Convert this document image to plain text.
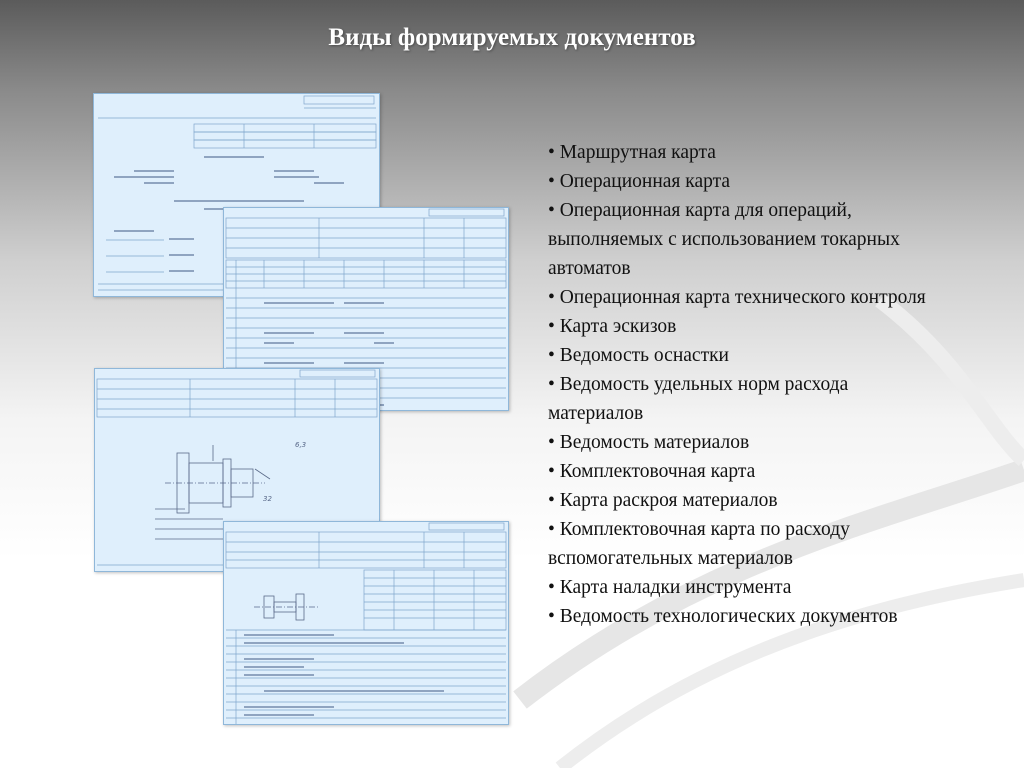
Виды формируемых документов
6,3
32
• Маршрутная карта
• Операционная карта
• Операционная карта для операций, выполняемых с использованием токарных автоматов
• Операционная карта технического контроля
• Карта эскизов
• Ведомость оснастки
• Ведомость удельных норм расхода материалов
• Ведомость материалов
• Комплектовочная карта
• Карта раскроя материалов
• Комплектовочная карта по расходу вспомогательных материалов
• Карта наладки инструмента
• Ведомость технологических документов
